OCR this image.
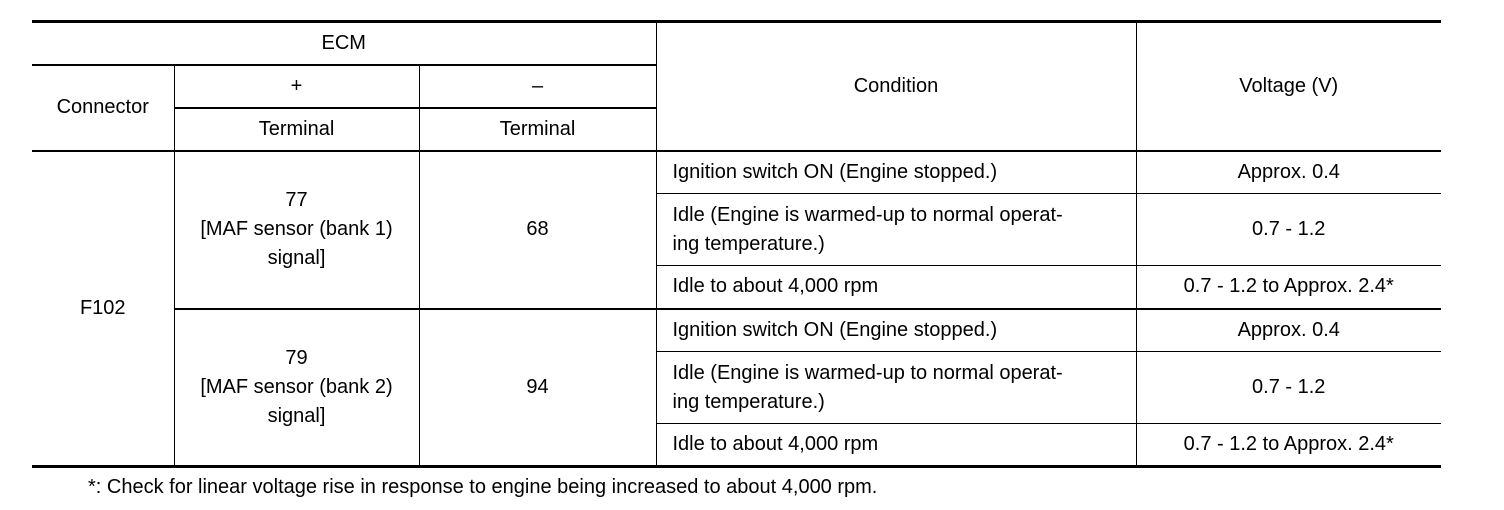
ECM			Condition	Voltage (V)
Connector	+	–		
	Terminal	Terminal		
F102	77
[MAF sensor (bank 1)
signal]	68	Ignition switch ON (Engine stopped.)	Approx. 0.4

			Idle (Engine is warmed-up to normal operat-
ing temperature.)	0.7 - 1.2
			Idle to about 4,000 rpm	0.7 - 1.2 to Approx. 2.4*

	79
[MAF sensor (bank 2)
signal]	94	Ignition switch ON (Engine stopped.)	Approx. 0.4

			Idle (Engine is warmed-up to normal operat-
ing temperature.)	0.7 - 1.2
			Idle to about 4,000 rpm	0.7 - 1.2 to Approx. 2.4*
*: Check for linear voltage rise in response to engine being increased to about 4,000 rpm.
